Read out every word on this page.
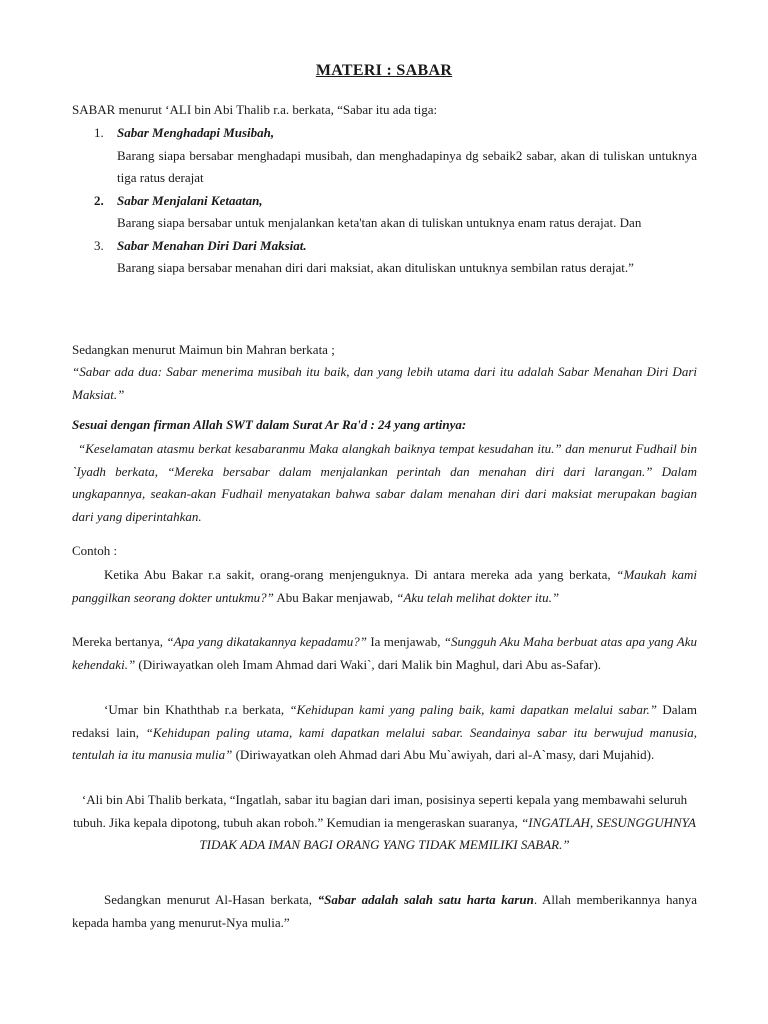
MATERI : SABAR

SABAR menurut ‘ALI bin Abi Thalib r.a. berkata, “Sabar itu ada tiga:

1. Sabar Menghadapi Musibah,

Barang siapa bersabar menghadapi musibah, dan menghadapinya dg sebaik2 sabar, akan di tuliskan untuknya tiga ratus derajat

2. Sabar Menjalani Ketaatan,

Barang siapa bersabar untuk menjalankan keta'tan akan di tuliskan untuknya enam ratus derajat. Dan

3. Sabar Menahan Diri Dari Maksiat.

Barang siapa bersabar menahan diri dari maksiat, akan dituliskan untuknya sembilan ratus derajat.”

Sedangkan menurut Maimun bin Mahran berkata ;

“Sabar ada dua: Sabar menerima musibah itu baik, dan yang lebih utama dari itu adalah Sabar Menahan Diri Dari Maksiat.”

Sesuai dengan firman Allah SWT dalam Surat Ar Ra'd : 24 yang artinya:

“Keselamatan atasmu berkat kesabaranmu Maka alangkah baiknya tempat kesudahan itu.” dan menurut Fudhail bin `Iyadh berkata, “Mereka bersabar dalam menjalankan perintah dan menahan diri dari larangan.” Dalam ungkapannya, seakan-akan Fudhail menyatakan bahwa sabar dalam menahan diri dari maksiat merupakan bagian dari yang diperintahkan.

Contoh :

Ketika Abu Bakar r.a sakit, orang-orang menjenguknya. Di antara mereka ada yang berkata, “Maukah kami panggilkan seorang dokter untukmu?” Abu Bakar menjawab, “Aku telah melihat dokter itu.”

Mereka bertanya, “Apa yang dikatakannya kepadamu?” Ia menjawab, “Sungguh Aku Maha berbuat atas apa yang Aku kehendaki.” (Diriwayatkan oleh Imam Ahmad dari Waki`, dari Malik bin Maghul, dari Abu as-Safar).

‘Umar bin Khaththab r.a berkata, “Kehidupan kami yang paling baik, kami dapatkan melalui sabar.” Dalam redaksi lain, “Kehidupan paling utama, kami dapatkan melalui sabar. Seandainya sabar itu berwujud manusia, tentulah ia itu manusia mulia” (Diriwayatkan oleh Ahmad dari Abu Mu`awiyah, dari al-A`masy, dari Mujahid).

‘Ali bin Abi Thalib berkata, “Ingatlah, sabar itu bagian dari iman, posisinya seperti kepala yang membawahi seluruh tubuh. Jika kepala dipotong, tubuh akan roboh.” Kemudian ia mengeraskan suaranya, “INGATLAH, SESUNGGUHNYA TIDAK ADA IMAN BAGI ORANG YANG TIDAK MEMILIKI SABAR.”

Sedangkan menurut Al-Hasan berkata, “Sabar adalah salah satu harta karun. Allah memberikannya hanya kepada hamba yang menurut-Nya mulia.”
